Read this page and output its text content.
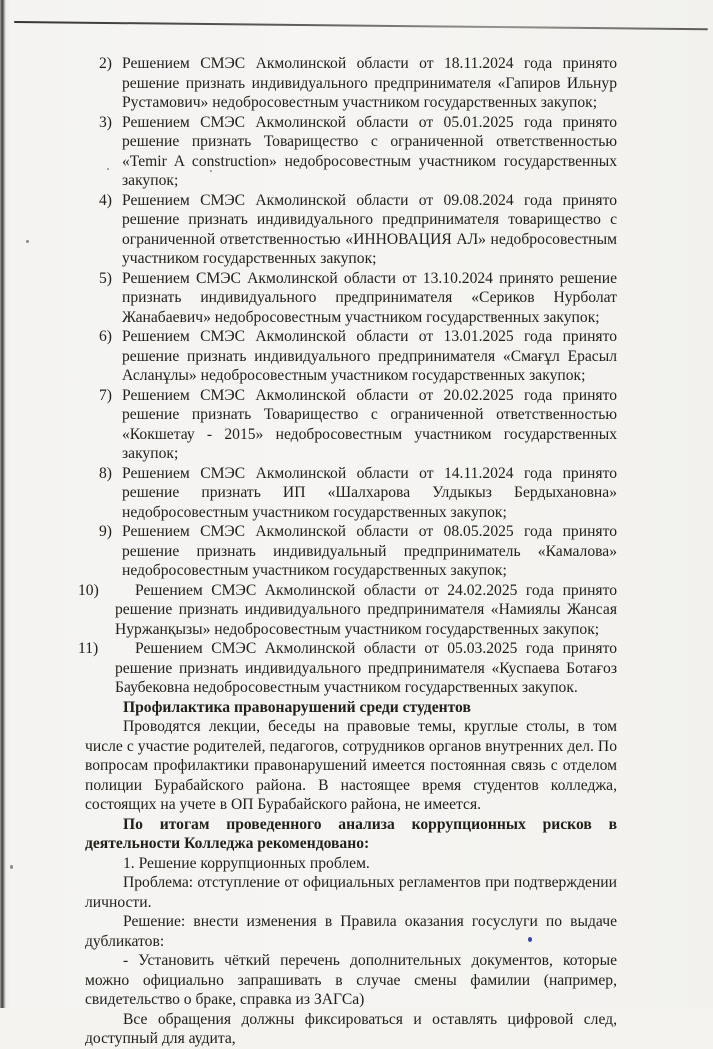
2) Решением СМЭС Акмолинской области от 18.11.2024 года принято решение признать индивидуального предпринимателя «Гапиров Ильнур Рустамович» недобросовестным участником государственных закупок;

3) Решением СМЭС Акмолинской области от 05.01.2025 года принято решение признать Товарищество с ограниченной ответственностью «Temir A construction» недобросовестным участником государственных закупок;

4) Решением СМЭС Акмолинской области от 09.08.2024 года принято решение признать индивидуального предпринимателя товарищество с ограниченной ответственностью «ИННОВАЦИЯ АЛ» недобросовестным участником государственных закупок;

5) Решением СМЭС Акмолинской области от 13.10.2024 принято решение признать индивидуального предпринимателя «Сериков Нурболат Жанабаевич» недобросовестным участником государственных закупок;

6) Решением СМЭС Акмолинской области от 13.01.2025 года принято решение признать индивидуального предпринимателя «Смағұл Ерасыл Асланұлы» недобросовестным участником государственных закупок;

7) Решением СМЭС Акмолинской области от 20.02.2025 года принято решение признать Товарищество с ограниченной ответственностью «Кокшетау - 2015» недобросовестным участником государственных закупок;

8) Решением СМЭС Акмолинской области от 14.11.2024 года принято решение признать ИП «Шалхарова Улдыкыз Бердыхановна» недобросовестным участником государственных закупок;

9) Решением СМЭС Акмолинской области от 08.05.2025 года принято решение признать индивидуальный предприниматель «Камалова» недобросовестным участником государственных закупок;

10) Решением СМЭС Акмолинской области от 24.02.2025 года принято решение признать индивидуального предпринимателя «Намиялы Жансая Нуржанқызы» недобросовестным участником государственных закупок;

11) Решением СМЭС Акмолинской области от 05.03.2025 года принято решение признать индивидуального предпринимателя «Куспаева Ботағоз Баубековна недобросовестным участником государственных закупок.

Профилактика правонарушений среди студентов

Проводятся лекции, беседы на правовые темы, круглые столы, в том числе с участие родителей, педагогов, сотрудников органов внутренних дел. По вопросам профилактики правонарушений имеется постоянная связь с отделом полиции Бурабайского района. В настоящее время студентов колледжа, состоящих на учете в ОП Бурабайского района, не имеется.

По итогам проведенного анализа коррупционных рисков в деятельности Колледжа рекомендовано:

1. Решение коррупционных проблем.

Проблема: отступление от официальных регламентов при подтверждении личности.

Решение: внести изменения в Правила оказания госуслуги по выдаче дубликатов:

- Установить чёткий перечень дополнительных документов, которые можно официально запрашивать в случае смены фамилии (например, свидетельство о браке, справка из ЗАГСа)

Все обращения должны фиксироваться и оставлять цифровой след, доступный для аудита,
